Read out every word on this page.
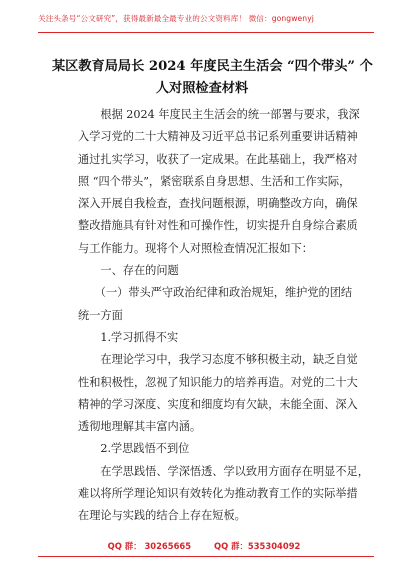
关注头条号“公文研究”，获得最新最全最专业的公文资料库！ 微信：gongwenyj
某区教育局局长 2024 年度民主生活会 “四个带头” 个
人对照检查材料

　　根据 2024 年度民主生活会的统一部署与要求，我深

入学习党的二十大精神及习近平总书记系列重要讲话精神

通过扎实学习，收获了一定成果。在此基础上，我严格对

照 “四个带头”，紧密联系自身思想、生活和工作实际，

深入开展自我检查，查找问题根源，明确整改方向，确保

整改措施具有针对性和可操作性，切实提升自身综合素质

与工作能力。现将个人对照检查情况汇报如下：

　　一、存在的问题

　　（一）带头严守政治纪律和政治规矩，维护党的团结

统一方面

　　1.学习抓得不实

　　在理论学习中，我学习态度不够积极主动，缺乏自觉

性和积极性，忽视了知识能力的培养再造。对党的二十大

精神的学习深度、实度和细度均有欠缺，未能全面、深入

透彻地理解其丰富内涵。

　　2.学思践悟不到位

　　在学思践悟、学深悟透、学以致用方面存在明显不足，

难以将所学理论知识有效转化为推动教育工作的实际举措

在理论与实践的结合上存在短板。

QQ 群： 30265665	QQ 群：535304092
